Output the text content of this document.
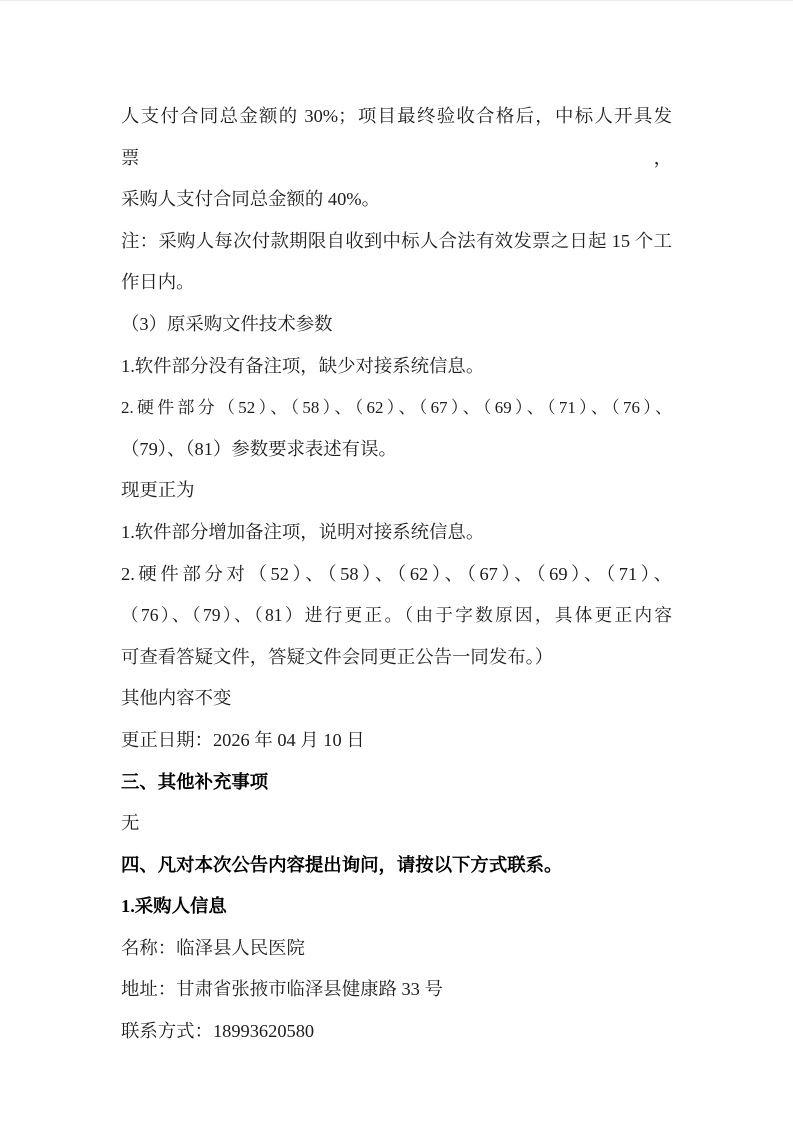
人支付合同总金额的 30%；项目最终验收合格后，中标人开具发票，

采购人支付合同总金额的 40%。

注：采购人每次付款期限自收到中标人合法有效发票之日起 15 个工

作日内。

（3）原采购文件技术参数

1.软件部分没有备注项，缺少对接系统信息。

2.硬件部分（52）、（58）、（62）、（67）、（69）、（71）、（76）、

（79）、（81）参数要求表述有误。

现更正为

1.软件部分增加备注项，说明对接系统信息。

2.硬件部分对（52）、（58）、（62）、（67）、（69）、（71）、

（76）、（79）、（81）进行更正。（由于字数原因，具体更正内容

可查看答疑文件，答疑文件会同更正公告一同发布。）

其他内容不变

更正日期：2026 年 04 月 10 日

三、其他补充事项

无

四、凡对本次公告内容提出询问，请按以下方式联系。

1.采购人信息

名称：临泽县人民医院

地址：甘肃省张掖市临泽县健康路 33 号

联系方式：18993620580
